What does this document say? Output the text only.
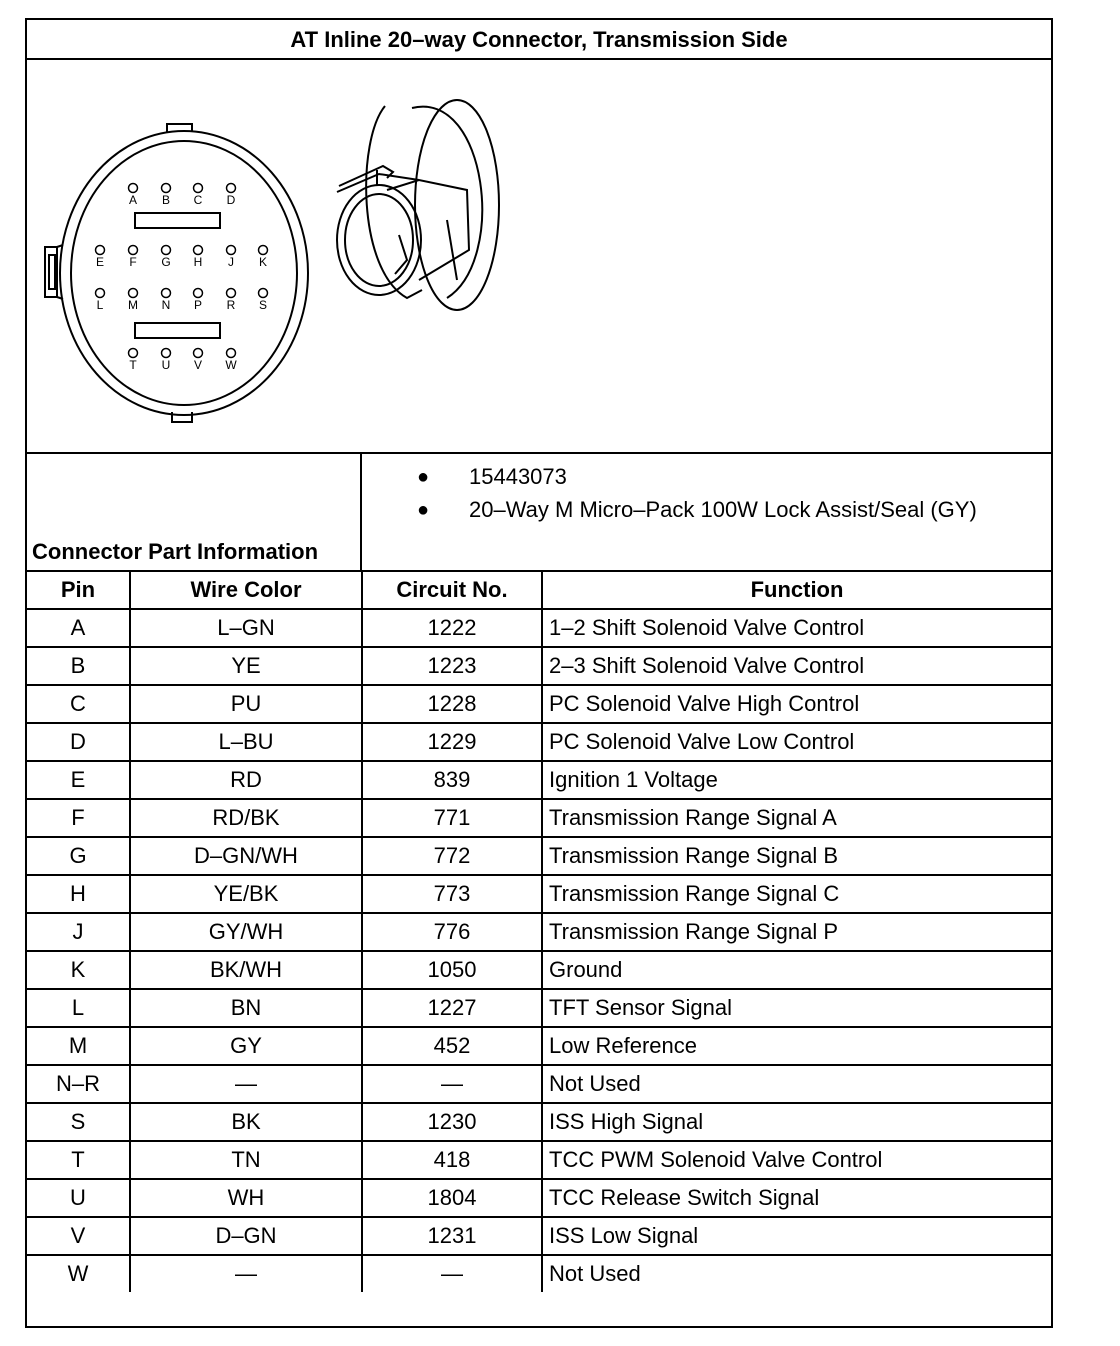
AT Inline 20–way Connector, Transmission Side
A B C D
E F G H J K
L M N P R S
T U V W
Connector Part Information
● 15443073
● 20–Way M Micro–Pack 100W Lock Assist/Seal (GY)
Pin	Wire Color	Circuit No.	Function
A	L–GN	1222	1–2 Shift Solenoid Valve Control
B	YE	1223	2–3 Shift Solenoid Valve Control
C	PU	1228	PC Solenoid Valve High Control
D	L–BU	1229	PC Solenoid Valve Low Control
E	RD	839	Ignition 1 Voltage
F	RD/BK	771	Transmission Range Signal A
G	D–GN/WH	772	Transmission Range Signal B
H	YE/BK	773	Transmission Range Signal C
J	GY/WH	776	Transmission Range Signal P
K	BK/WH	1050	Ground
L	BN	1227	TFT Sensor Signal
M	GY	452	Low Reference
N–R	—	—	Not Used
S	BK	1230	ISS High Signal
T	TN	418	TCC PWM Solenoid Valve Control
U	WH	1804	TCC Release Switch Signal
V	D–GN	1231	ISS Low Signal
W	—	—	Not Used
